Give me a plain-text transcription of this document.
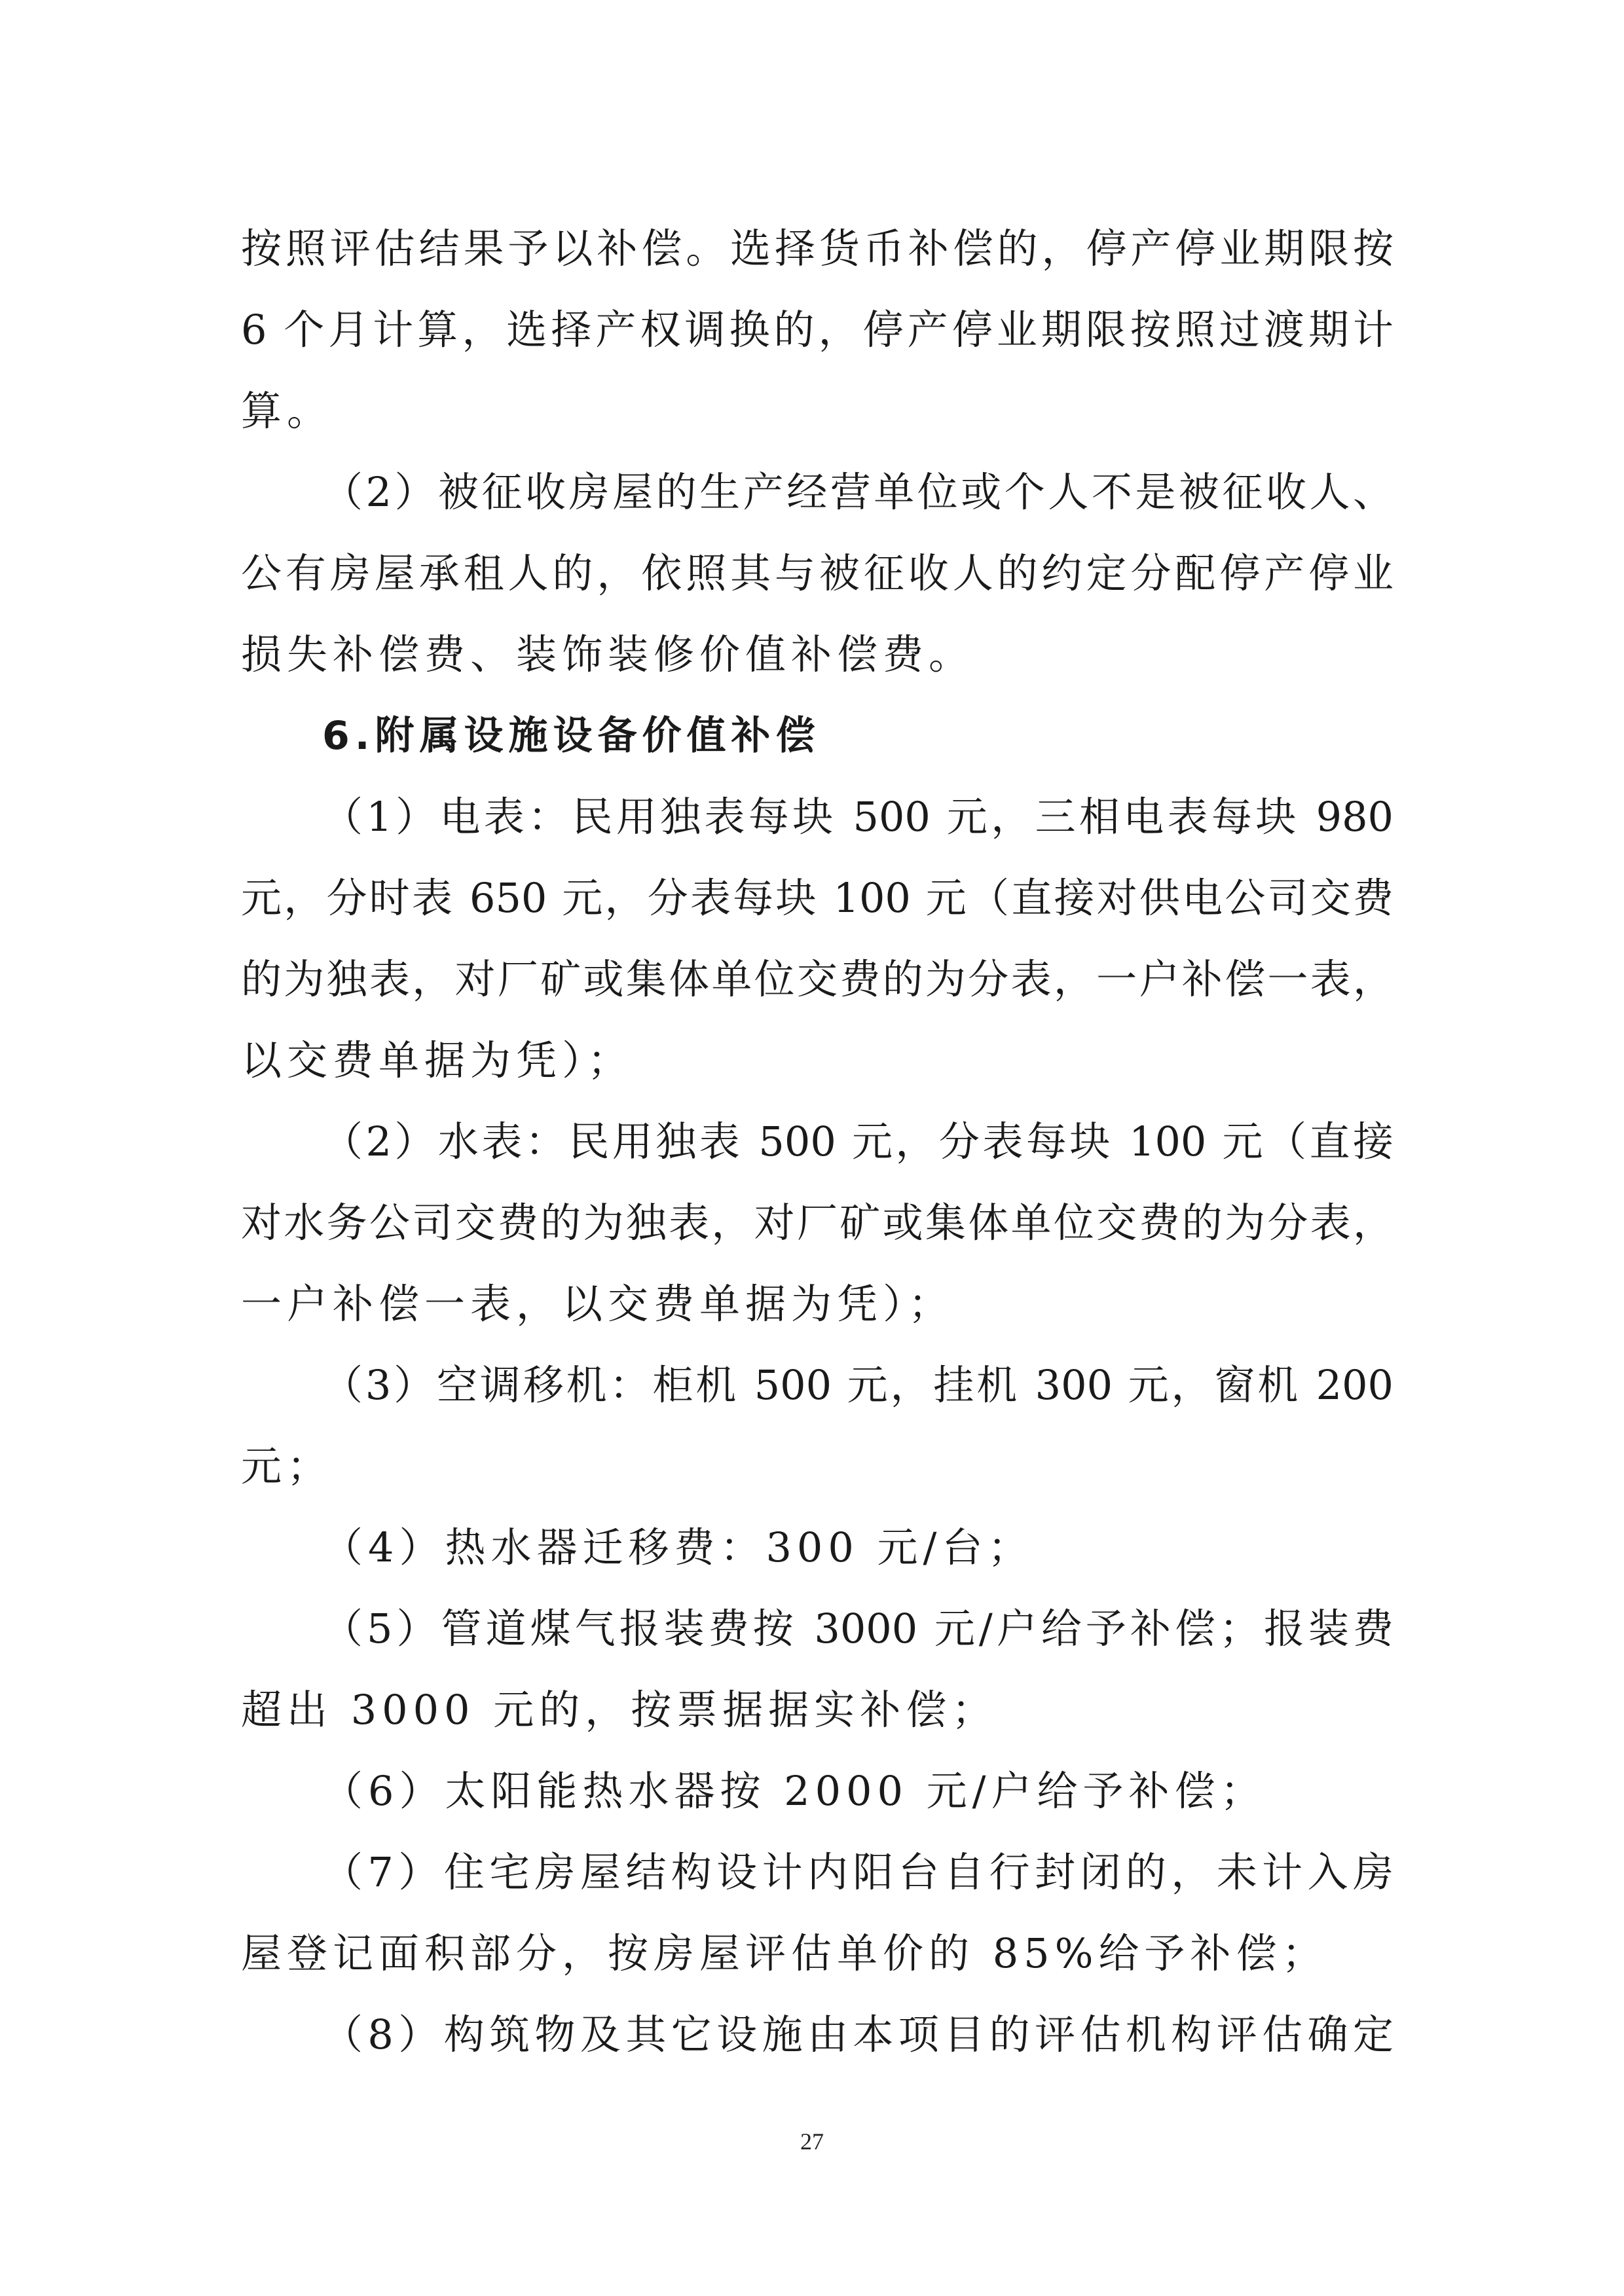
按照评估结果予以补偿。选择货币补偿的，停产停业期限按
6 个月计算，选择产权调换的，停产停业期限按照过渡期计
算。
（2）被征收房屋的生产经营单位或个人不是被征收人、
公有房屋承租人的，依照其与被征收人的约定分配停产停业
损失补偿费、装饰装修价值补偿费。
6.附属设施设备价值补偿
（1）电表：民用独表每块 500 元，三相电表每块 980
元，分时表 650 元，分表每块 100 元（直接对供电公司交费
的为独表，对厂矿或集体单位交费的为分表，一户补偿一表，
以交费单据为凭）；
（2）水表：民用独表 500 元，分表每块 100 元（直接
对水务公司交费的为独表，对厂矿或集体单位交费的为分表，
一户补偿一表，以交费单据为凭）；
（3）空调移机：柜机 500 元，挂机 300 元，窗机 200
元；
（4）热水器迁移费：300 元/台；
（5）管道煤气报装费按 3000 元/户给予补偿；报装费
超出 3000 元的，按票据据实补偿；
（6）太阳能热水器按 2000 元/户给予补偿；
（7）住宅房屋结构设计内阳台自行封闭的，未计入房
屋登记面积部分，按房屋评估单价的 85%给予补偿；
（8）构筑物及其它设施由本项目的评估机构评估确定
27
